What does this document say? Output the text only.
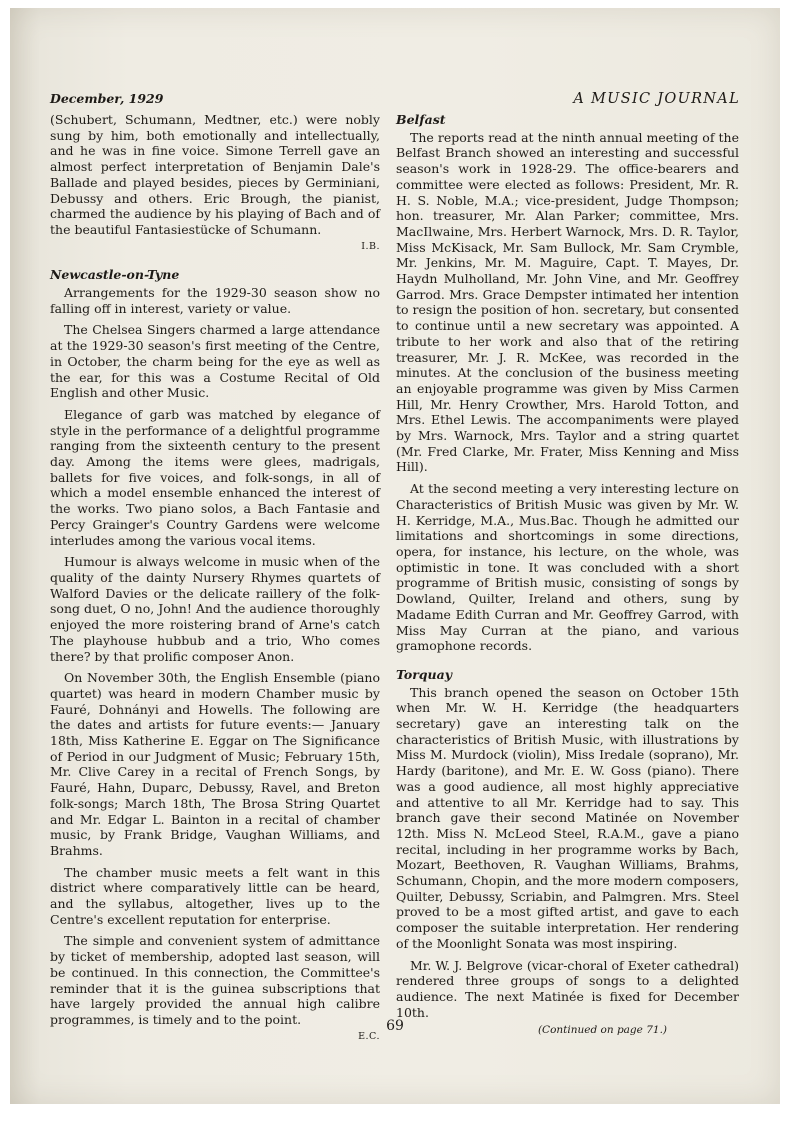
December, 1929	A MUSIC JOURNAL

(Schubert, Schumann, Medtner, etc.) were nobly sung by him, both emotionally and intellectually, and he was in fine voice. Simone Terrell gave an almost perfect interpretation of Benjamin Dale's Ballade and played besides, pieces by Germiniani, Debussy and others. Eric Brough, the pianist, charmed the audience by his playing of Bach and of the beautiful Fantasiestücke of Schumann.

I.B.
Newcastle-on-Tyne

Arrangements for the 1929-30 season show no falling off in interest, variety or value.

The Chelsea Singers charmed a large attendance at the 1929-30 season's first meeting of the Centre, in October, the charm being for the eye as well as the ear, for this was a Costume Recital of Old English and other Music.

Elegance of garb was matched by elegance of style in the performance of a delightful programme ranging from the sixteenth century to the present day. Among the items were glees, madrigals, ballets for five voices, and folk-songs, in all of which a model ensemble enhanced the interest of the works. Two piano solos, a Bach Fantasie and Percy Grainger's Country Gardens were welcome interludes among the various vocal items.

Humour is always welcome in music when of the quality of the dainty Nursery Rhymes quartets of Walford Davies or the delicate raillery of the folk-song duet, O no, John! And the audience thoroughly enjoyed the more roistering brand of Arne's catch The playhouse hubbub and a trio, Who comes there? by that prolific composer Anon.

On November 30th, the English Ensemble (piano quartet) was heard in modern Chamber music by Fauré, Dohnányi and Howells. The following are the dates and artists for future events:— January 18th, Miss Katherine E. Eggar on The Significance of Period in our Judgment of Music; February 15th, Mr. Clive Carey in a recital of French Songs, by Fauré, Hahn, Duparc, Debussy, Ravel, and Breton folk-songs; March 18th, The Brosa String Quartet and Mr. Edgar L. Bainton in a recital of chamber music, by Frank Bridge, Vaughan Williams, and Brahms.

The chamber music meets a felt want in this district where comparatively little can be heard, and the syllabus, altogether, lives up to the Centre's excellent reputation for enterprise.

The simple and convenient system of admittance by ticket of membership, adopted last season, will be continued. In this connection, the Committee's reminder that it is the guinea subscriptions that have largely provided the annual high calibre programmes, is timely and to the point.

E.C.
Belfast

The reports read at the ninth annual meeting of the Belfast Branch showed an interesting and successful season's work in 1928-29. The office-bearers and committee were elected as follows: President, Mr. R. H. S. Noble, M.A.; vice-president, Judge Thompson; hon. treasurer, Mr. Alan Parker; committee, Mrs. MacIlwaine, Mrs. Herbert Warnock, Mrs. D. R. Taylor, Miss McKisack, Mr. Sam Bullock, Mr. Sam Crymble, Mr. Jenkins, Mr. M. Maguire, Capt. T. Mayes, Dr. Haydn Mulholland, Mr. John Vine, and Mr. Geoffrey Garrod. Mrs. Grace Dempster intimated her intention to resign the position of hon. secretary, but consented to continue until a new secretary was appointed. A tribute to her work and also that of the retiring treasurer, Mr. J. R. McKee, was recorded in the minutes. At the conclusion of the business meeting an enjoyable programme was given by Miss Carmen Hill, Mr. Henry Crowther, Mrs. Harold Totton, and Mrs. Ethel Lewis. The accompaniments were played by Mrs. Warnock, Mrs. Taylor and a string quartet (Mr. Fred Clarke, Mr. Frater, Miss Kenning and Miss Hill).

At the second meeting a very interesting lecture on Characteristics of British Music was given by Mr. W. H. Kerridge, M.A., Mus.Bac. Though he admitted our limitations and shortcomings in some directions, opera, for instance, his lecture, on the whole, was optimistic in tone. It was concluded with a short programme of British music, consisting of songs by Dowland, Quilter, Ireland and others, sung by Madame Edith Curran and Mr. Geoffrey Garrod, with Miss May Curran at the piano, and various gramophone records.

Torquay

This branch opened the season on October 15th when Mr. W. H. Kerridge (the headquarters secretary) gave an interesting talk on the characteristics of British Music, with illustrations by Miss M. Murdock (violin), Miss Iredale (soprano), Mr. Hardy (baritone), and Mr. E. W. Goss (piano). There was a good audience, all most highly appreciative and attentive to all Mr. Kerridge had to say. This branch gave their second Matinée on November 12th. Miss N. McLeod Steel, R.A.M., gave a piano recital, including in her programme works by Bach, Mozart, Beethoven, R. Vaughan Williams, Brahms, Schumann, Chopin, and the more modern composers, Quilter, Debussy, Scriabin, and Palmgren. Mrs. Steel proved to be a most gifted artist, and gave to each composer the suitable interpretation. Her rendering of the Moonlight Sonata was most inspiring.

Mr. W. J. Belgrove (vicar-choral of Exeter cathedral) rendered three groups of songs to a delighted audience. The next Matinée is fixed for December 10th.

69	(Continued on page 71.)
